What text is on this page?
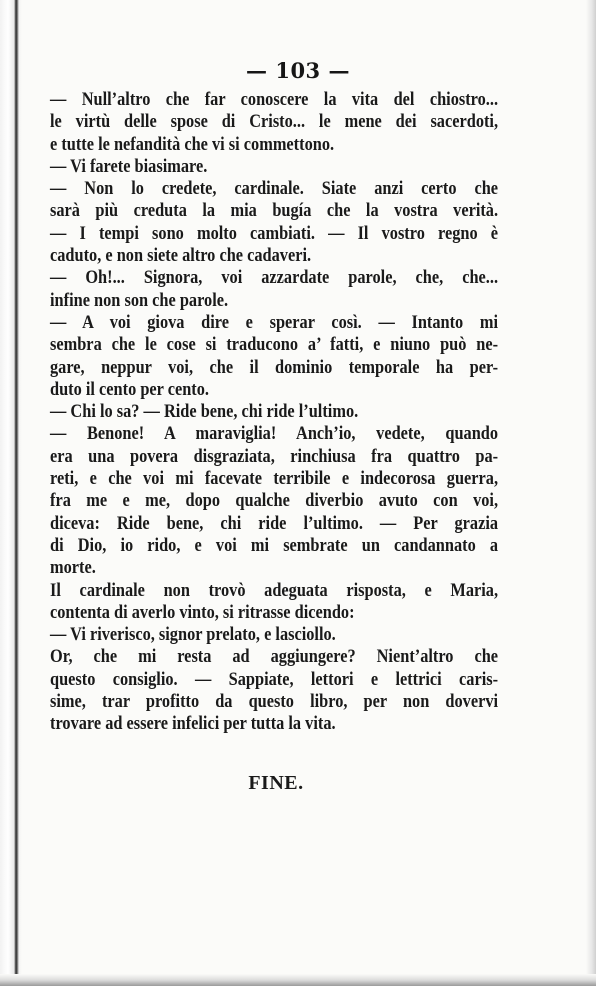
— 103 —
— Null’altro che far conoscere la vita del chiostro...
le virtù delle spose di Cristo... le mene dei sacerdoti,
e tutte le nefandità che vi si commettono.
— Vi farete biasimare.
— Non lo credete, cardinale. Siate anzi certo che
sarà più creduta la mia bugía che la vostra verità.
— I tempi sono molto cambiati. — Il vostro regno è
caduto, e non siete altro che cadaveri.
— Oh!... Signora, voi azzardate parole, che, che...
infine non son che parole.
— A voi giova dire e sperar così. — Intanto mi
sembra che le cose si traducono a’ fatti, e niuno può ne-
gare, neppur voi, che il dominio temporale ha per-
duto il cento per cento.
— Chi lo sa? — Ride bene, chi ride l’ultimo.
— Benone! A maraviglia! Anch’io, vedete, quando
era una povera disgraziata, rinchiusa fra quattro pa-
reti, e che voi mi facevate terribile e indecorosa guerra,
fra me e me, dopo qualche diverbio avuto con voi,
diceva: Ride bene, chi ride l’ultimo. — Per grazia
di Dio, io rido, e voi mi sembrate un candannato a
morte.
Il cardinale non trovò adeguata risposta, e Maria,
contenta di averlo vinto, si ritrasse dicendo:
— Vi riverisco, signor prelato, e lasciollo.
Or, che mi resta ad aggiungere? Nient’altro che
questo consiglio. — Sappiate, lettori e lettrici caris-
sime, trar profitto da questo libro, per non dovervi
trovare ad essere infelici per tutta la vita.
FINE.
